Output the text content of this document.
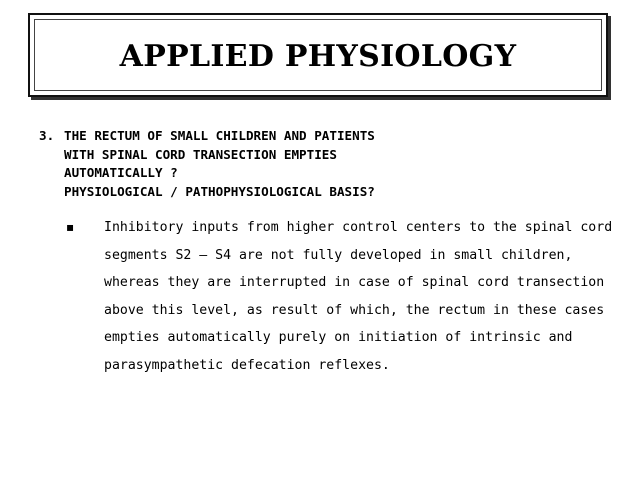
APPLIED PHYSIOLOGY
3. THE RECTUM OF SMALL CHILDREN AND PATIENTS
WITH SPINAL CORD TRANSECTION EMPTIES
AUTOMATICALLY ?
PHYSIOLOGICAL / PATHOPHYSIOLOGICAL BASIS?
▪	Inhibitory inputs from higher control centers to the spinal cord
segments S2 – S4 are not fully developed in small children,
whereas they are interrupted in case of spinal cord transection
above this level, as result of which, the rectum in these cases
empties automatically purely on initiation of intrinsic and
parasympathetic defecation reflexes.
